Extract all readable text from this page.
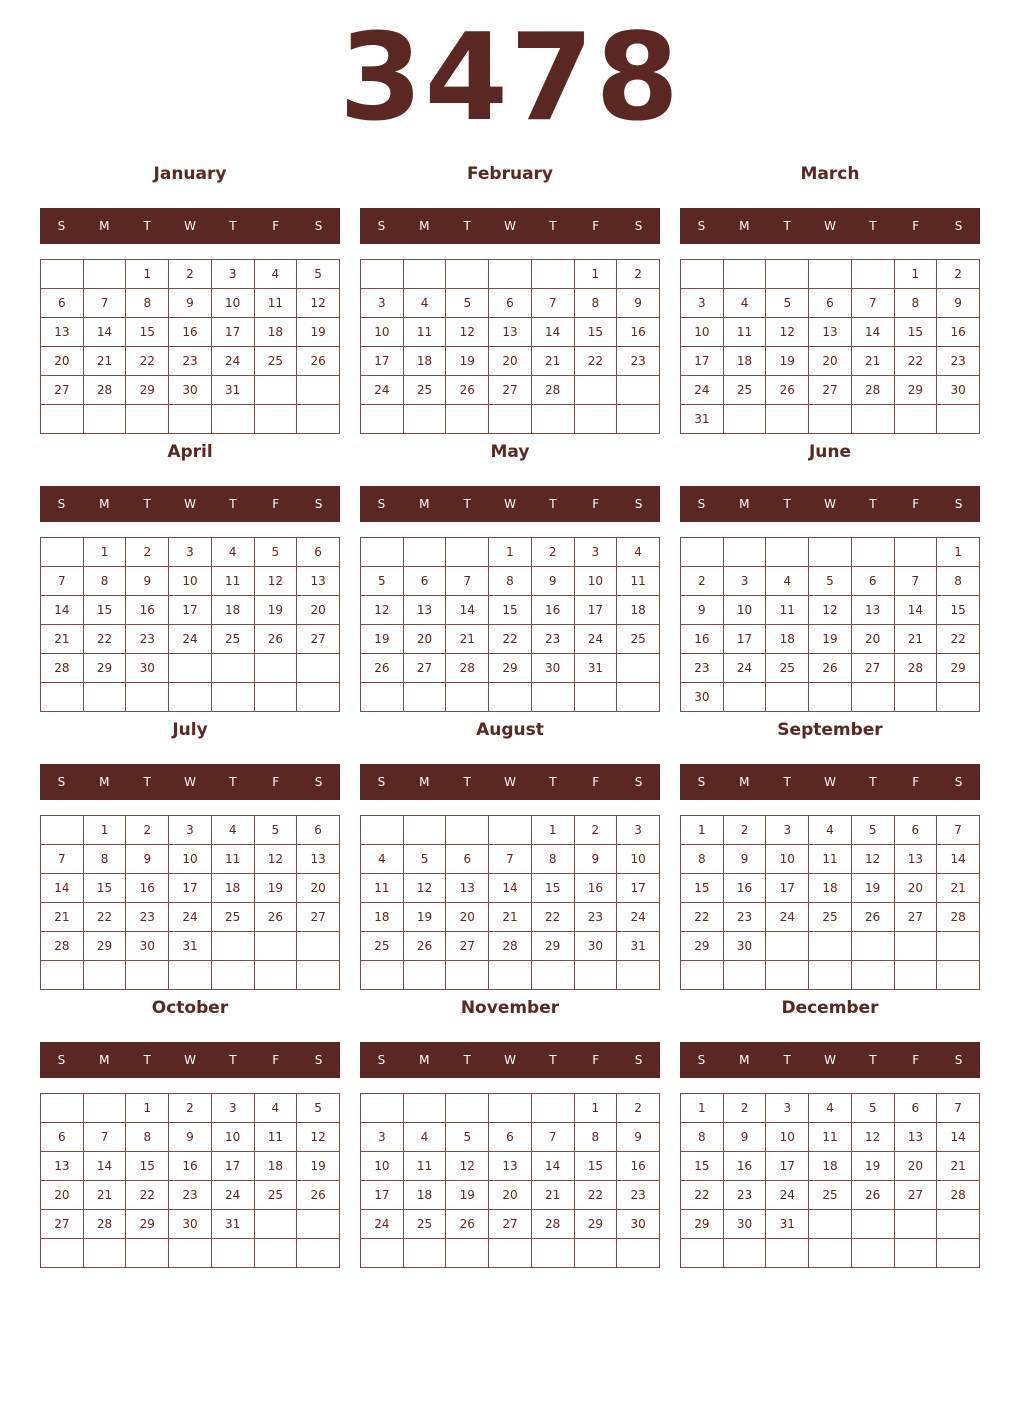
3478
January
S	M	T	W	T	F	S
		1	2	3	4	5
6	7	8	9	10	11	12
13	14	15	16	17	18	19
20	21	22	23	24	25	26
27	28	29	30	31		

February
S	M	T	W	T	F	S
					1	2
3	4	5	6	7	8	9
10	11	12	13	14	15	16
17	18	19	20	21	22	23
24	25	26	27	28		

March
S	M	T	W	T	F	S
					1	2
3	4	5	6	7	8	9
10	11	12	13	14	15	16
17	18	19	20	21	22	23
24	25	26	27	28	29	30
31						
April
S	M	T	W	T	F	S
	1	2	3	4	5	6
7	8	9	10	11	12	13
14	15	16	17	18	19	20
21	22	23	24	25	26	27
28	29	30				

May
S	M	T	W	T	F	S
			1	2	3	4
5	6	7	8	9	10	11
12	13	14	15	16	17	18
19	20	21	22	23	24	25
26	27	28	29	30	31	

June
S	M	T	W	T	F	S
						1
2	3	4	5	6	7	8
9	10	11	12	13	14	15
16	17	18	19	20	21	22
23	24	25	26	27	28	29
30						
July
S	M	T	W	T	F	S
	1	2	3	4	5	6
7	8	9	10	11	12	13
14	15	16	17	18	19	20
21	22	23	24	25	26	27
28	29	30	31			

August
S	M	T	W	T	F	S
				1	2	3
4	5	6	7	8	9	10
11	12	13	14	15	16	17
18	19	20	21	22	23	24
25	26	27	28	29	30	31

September
S	M	T	W	T	F	S
1	2	3	4	5	6	7
8	9	10	11	12	13	14
15	16	17	18	19	20	21
22	23	24	25	26	27	28
29	30					

October
S	M	T	W	T	F	S
		1	2	3	4	5
6	7	8	9	10	11	12
13	14	15	16	17	18	19
20	21	22	23	24	25	26
27	28	29	30	31		

November
S	M	T	W	T	F	S
					1	2
3	4	5	6	7	8	9
10	11	12	13	14	15	16
17	18	19	20	21	22	23
24	25	26	27	28	29	30

December
S	M	T	W	T	F	S
1	2	3	4	5	6	7
8	9	10	11	12	13	14
15	16	17	18	19	20	21
22	23	24	25	26	27	28
29	30	31				
